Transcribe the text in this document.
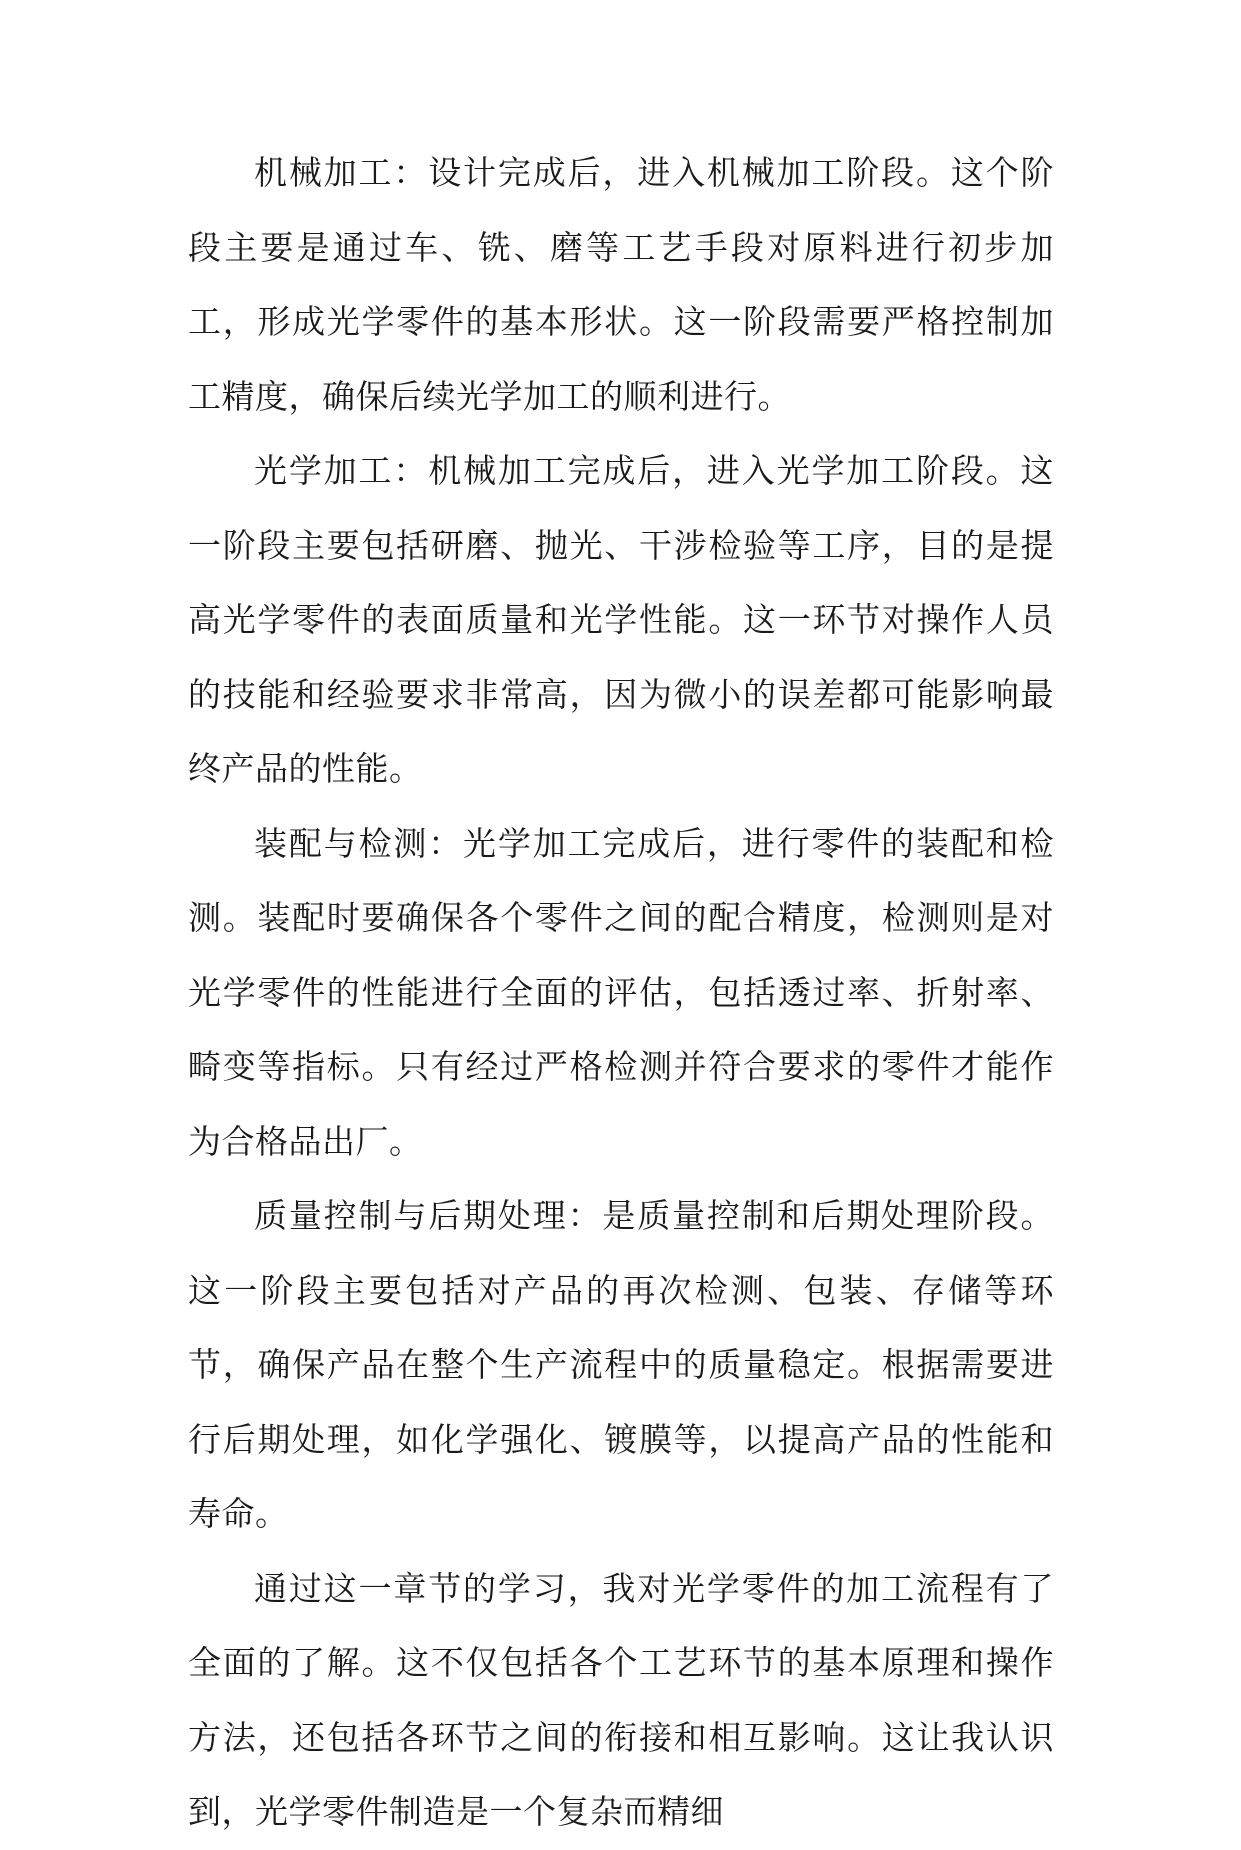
机械加工：设计完成后，进入机械加工阶段。这个阶段主要是通过车、铣、磨等工艺手段对原料进行初步加工，形成光学零件的基本形状。这一阶段需要严格控制加工精度，确保后续光学加工的顺利进行。

光学加工：机械加工完成后，进入光学加工阶段。这一阶段主要包括研磨、抛光、干涉检验等工序，目的是提高光学零件的表面质量和光学性能。这一环节对操作人员的技能和经验要求非常高，因为微小的误差都可能影响最终产品的性能。

装配与检测：光学加工完成后，进行零件的装配和检测。装配时要确保各个零件之间的配合精度，检测则是对光学零件的性能进行全面的评估，包括透过率、折射率、畸变等指标。只有经过严格检测并符合要求的零件才能作为合格品出厂。

质量控制与后期处理：是质量控制和后期处理阶段。这一阶段主要包括对产品的再次检测、包装、存储等环节，确保产品在整个生产流程中的质量稳定。根据需要进行后期处理，如化学强化、镀膜等，以提高产品的性能和寿命。

通过这一章节的学习，我对光学零件的加工流程有了全面的了解。这不仅包括各个工艺环节的基本原理和操作方法，还包括各环节之间的衔接和相互影响。这让我认识到，光学零件制造是一个复杂而精细
